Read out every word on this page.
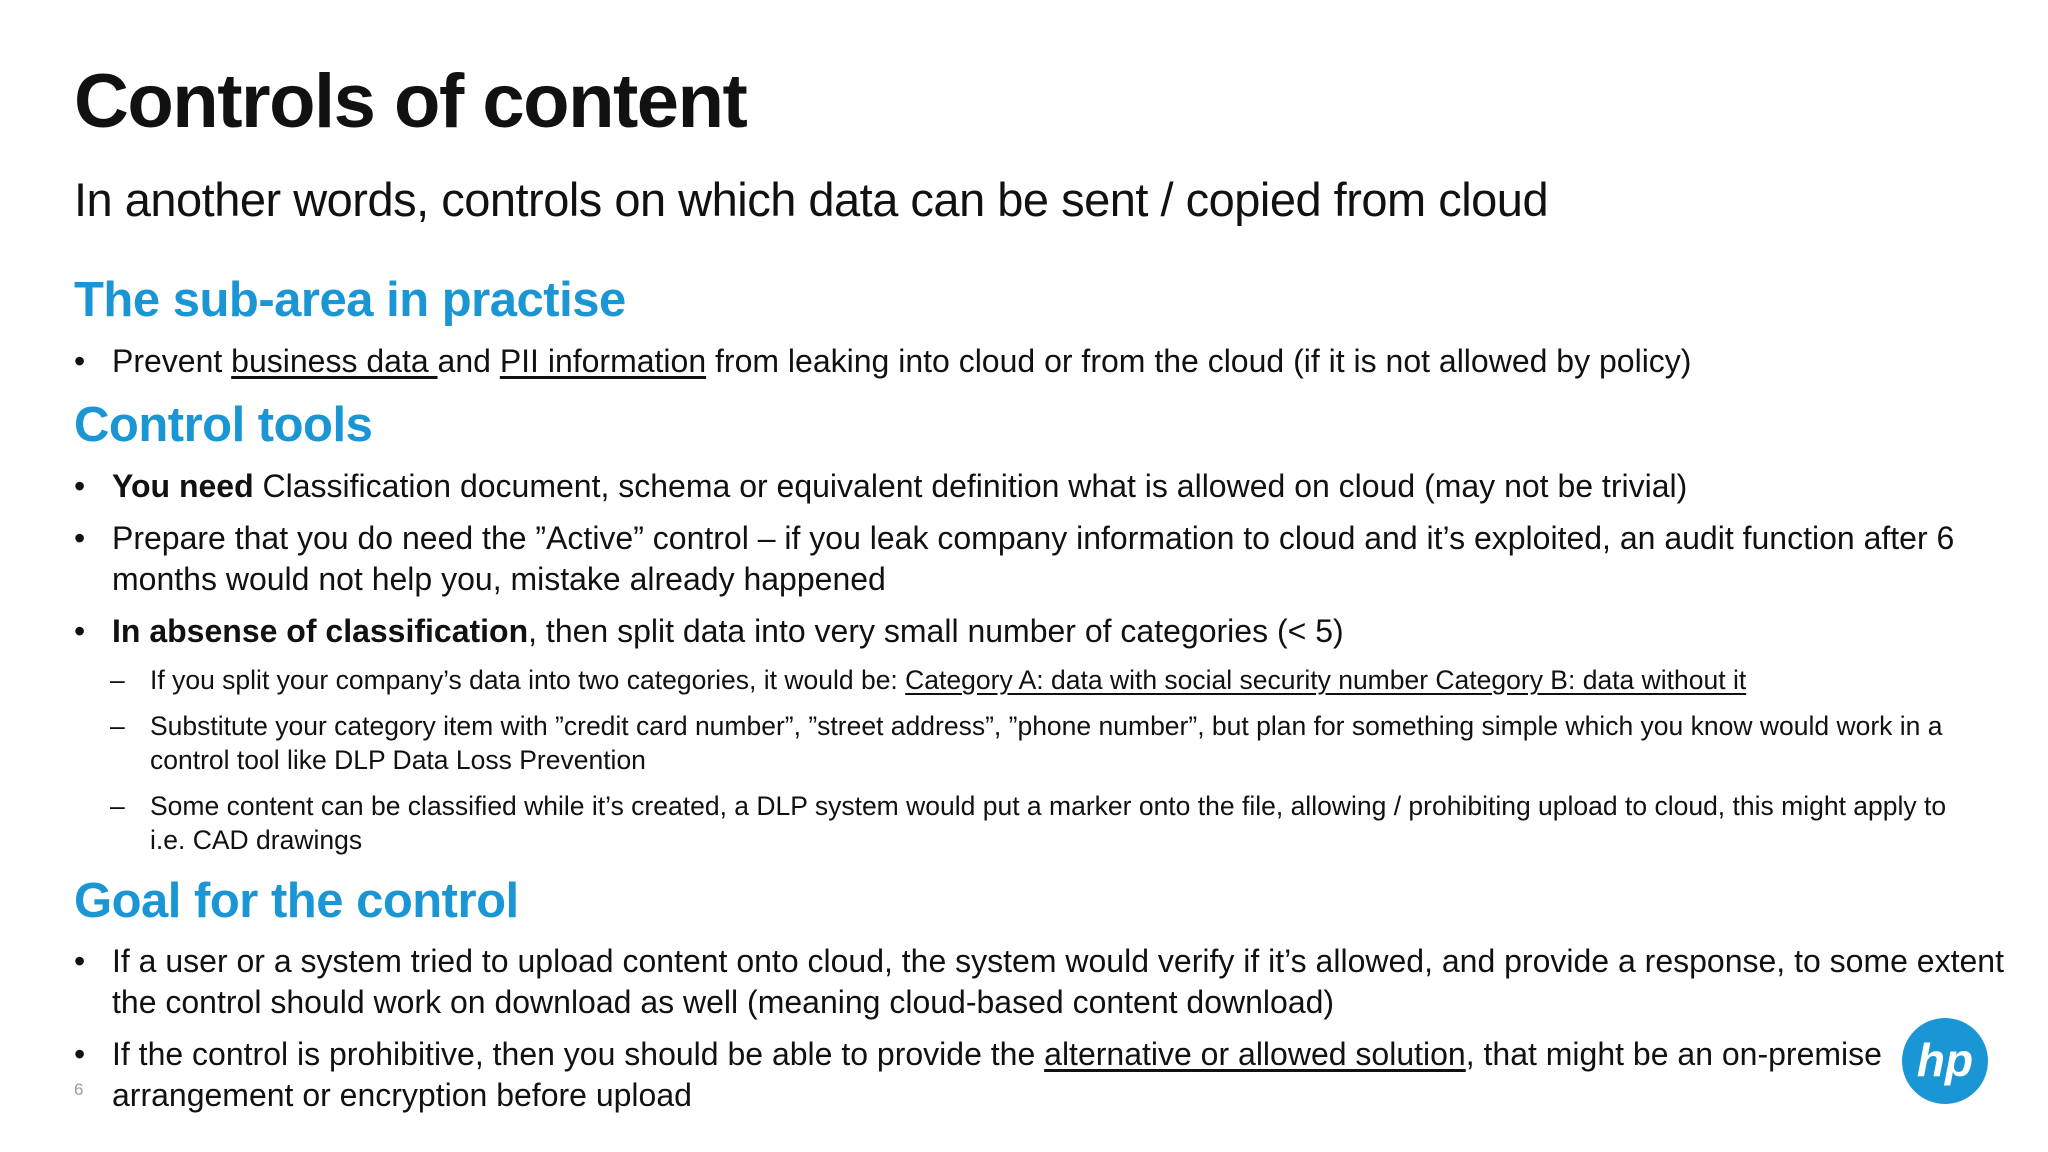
Controls of content
In another words, controls on which data can be sent / copied from cloud
The sub-area in practise
• Prevent business data and PII information from leaking into cloud or from the cloud (if it is not allowed by policy)
Control tools
• You need Classification document, schema or equivalent definition what is allowed on cloud (may not be trivial)
• Prepare that you do need the ”Active” control – if you leak company information to cloud and it’s exploited, an audit function after 6 months would not help you, mistake already happened
• In absense of classification, then split data into very small number of categories (< 5)
– If you split your company’s data into two categories, it would be: Category A: data with social security number Category B: data without it
– Substitute your category item with ”credit card number”, ”street address”, ”phone number”, but plan for something simple which you know would work in a control tool like DLP Data Loss Prevention
– Some content can be classified while it’s created, a DLP system would put a marker onto the file, allowing / prohibiting upload to cloud, this might apply to i.e. CAD drawings
Goal for the control
• If a user or a system tried to upload content onto cloud, the system would verify if it’s allowed, and provide a response, to some extent the control should work on download as well (meaning cloud-based content download)
• If the control is prohibitive, then you should be able to provide the alternative or allowed solution, that might be an on-premise arrangement or encryption before upload
6
hp
